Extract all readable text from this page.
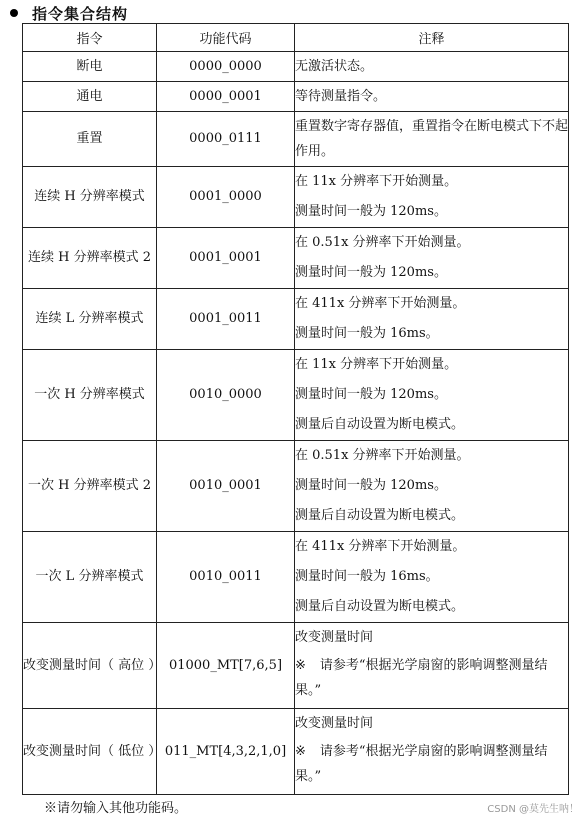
指令集合结构
指令	功能代码	注释
断电	0000_0000	无激活状态。

通电	0000_0001	等待测量指令。

重置	0000_0111	重置数字寄存器值，重置指令在断电模式下不起作用。

连续 H 分辨率模式	0001_0000	在 11x 分辨率下开始测量。
测量时间一般为 120ms。

连续 H 分辨率模式 2	0001_0001	在 0.51x 分辨率下开始测量。
测量时间一般为 120ms。

连续 L 分辨率模式	0001_0011	在 411x 分辨率下开始测量。
测量时间一般为 16ms。

一次 H 分辨率模式	0010_0000	在 11x 分辨率下开始测量。
测量时间一般为 120ms。
测量后自动设置为断电模式。

一次 H 分辨率模式 2	0010_0001	在 0.51x 分辨率下开始测量。
测量时间一般为 120ms。
测量后自动设置为断电模式。

一次 L 分辨率模式	0010_0011	在 411x 分辨率下开始测量。
测量时间一般为 16ms。
测量后自动设置为断电模式。

改变测量时间（ 高位 ）	01000_MT[7,6,5]	改变测量时间
※ 请参考“根据光学扇窗的影响调整测量结果。”

改变测量时间（ 低位 ）	011_MT[4,3,2,1,0]	改变测量时间
※ 请参考“根据光学扇窗的影响调整测量结果。”
※请勿输入其他功能码。	CSDN @莫先生呐！
